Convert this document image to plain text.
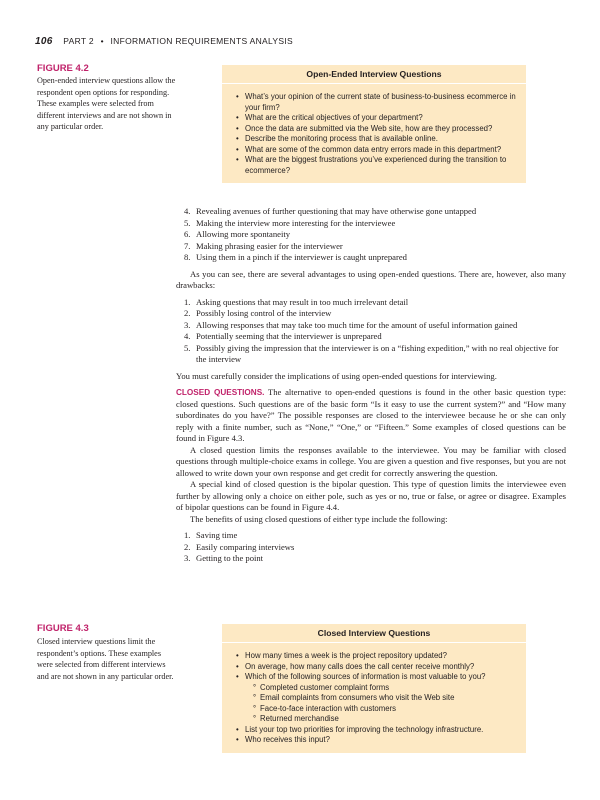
106 PART 2 • INFORMATION REQUIREMENTS ANALYSIS
FIGURE 4.2
Open-ended interview questions allow the respondent open options for responding. These examples were selected from different interviews and are not shown in any particular order.
Open-Ended Interview Questions
• What’s your opinion of the current state of business-to-business ecommerce in your firm?
• What are the critical objectives of your department?
• Once the data are submitted via the Web site, how are they processed?
• Describe the monitoring process that is available online.
• What are some of the common data entry errors made in this department?
• What are the biggest frustrations you’ve experienced during the transition to ecommerce?
4. Revealing avenues of further questioning that may have otherwise gone untapped
5. Making the interview more interesting for the interviewee
6. Allowing more spontaneity
7. Making phrasing easier for the interviewer
8. Using them in a pinch if the interviewer is caught unprepared

As you can see, there are several advantages to using open-ended questions. There are, however, also many drawbacks:

1. Asking questions that may result in too much irrelevant detail
2. Possibly losing control of the interview
3. Allowing responses that may take too much time for the amount of useful information gained
4. Potentially seeming that the interviewer is unprepared
5. Possibly giving the impression that the interviewer is on a “fishing expedition,” with no real objective for the interview

You must carefully consider the implications of using open-ended questions for interviewing.

CLOSED QUESTIONS. The alternative to open-ended questions is found in the other basic question type: closed questions. Such questions are of the basic form “Is it easy to use the current system?” and “How many subordinates do you have?” The possible responses are closed to the interviewee because he or she can only reply with a finite number, such as “None,” “One,” or “Fifteen.” Some examples of closed questions can be found in Figure 4.3.

A closed question limits the responses available to the interviewee. You may be familiar with closed questions through multiple-choice exams in college. You are given a question and five responses, but you are not allowed to write down your own response and get credit for correctly answering the question.

A special kind of closed question is the bipolar question. This type of question limits the interviewee even further by allowing only a choice on either pole, such as yes or no, true or false, or agree or disagree. Examples of bipolar questions can be found in Figure 4.4.

The benefits of using closed questions of either type include the following:

1. Saving time
2. Easily comparing interviews
3. Getting to the point
FIGURE 4.3
Closed interview questions limit the respondent’s options. These examples were selected from different interviews and are not shown in any particular order.
Closed Interview Questions
• How many times a week is the project repository updated?
• On average, how many calls does the call center receive monthly?
• Which of the following sources of information is most valuable to you?
° Completed customer complaint forms
° Email complaints from consumers who visit the Web site
° Face-to-face interaction with customers
° Returned merchandise
• List your top two priorities for improving the technology infrastructure.
• Who receives this input?
